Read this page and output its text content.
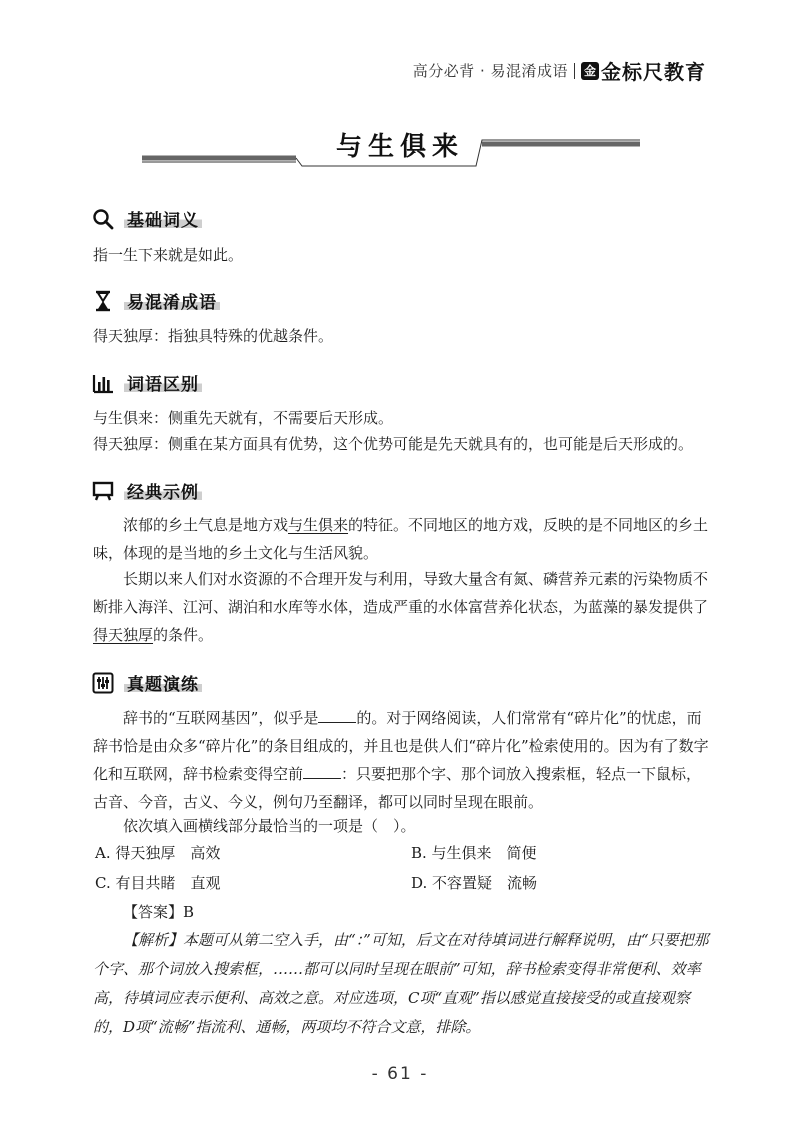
高分必背 · 易混淆成语 金 金标尺教育
与生俱来
基础词义

指一生下来就是如此。

易混淆成语

得天独厚：指独具特殊的优越条件。

词语区别

与生俱来：侧重先天就有，不需要后天形成。

得天独厚：侧重在某方面具有优势，这个优势可能是先天就具有的，也可能是后天形成的。

经典示例

浓郁的乡土气息是地方戏与生俱来的特征。不同地区的地方戏，反映的是不同地区的乡土味，体现的是当地的乡土文化与生活风貌。

长期以来人们对水资源的不合理开发与利用，导致大量含有氮、磷营养元素的污染物质不断排入海洋、江河、湖泊和水库等水体，造成严重的水体富营养化状态，为蓝藻的暴发提供了得天独厚的条件。

真题演练

辞书的“互联网基因”，似乎是	的。对于网络阅读，人们常常有“碎片化”的忧虑，而辞书恰是由众多“碎片化”的条目组成的，并且也是供人们“碎片化”检索使用的。因为有了数字化和互联网，辞书检索变得空前	：只要把那个字、那个词放入搜索框，轻点一下鼠标，古音、今音，古义、今义，例句乃至翻译，都可以同时呈现在眼前。

依次填入画横线部分最恰当的一项是（　）。

A. 得天独厚　高效	B. 与生俱来　简便
C. 有目共睹　直观	D. 不容置疑　流畅

【答案】B

【解析】本题可从第二空入手，由“：”可知，后文在对待填词进行解释说明，由“只要把那个字、那个词放入搜索框，……都可以同时呈现在眼前”可知，辞书检索变得非常便利、效率高，待填词应表示便利、高效之意。对应选项，C项“直观”指以感觉直接接受的或直接观察的，D项“流畅”指流利、通畅，两项均不符合文意，排除。

- 61 -
